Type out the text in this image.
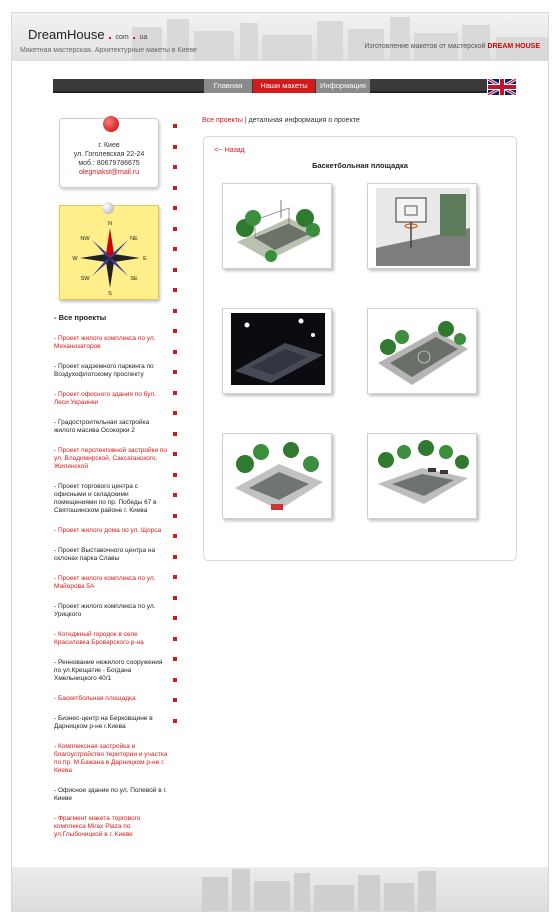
DreamHouse . com . ua
Макетная мастерская. Архитектурные макеты в Киеве
Изготовление макетов от мастерской DREAM HOUSE
Главная	Наши макеты	Информация
г. Киев
ул. Гоголевская 22-24
моб.: 80679786675
olegmakst@mail.ru
N
NE
E
SE
S
SW
W
NW
- Все проекты
- Проект жилого комплекса по ул. Механизаторов
- Проект надземного паркинга по Воздухофлотскому проспекту
- Проект офисного здания по бул. Леси Украинки
- Градостроительная застройка жилого масива Осокорки 2
- Проект перспективной застройки по ул. Владимирской, Саксаганского, Жилянской
- Проект торгового центра с офисными и складскими помещениями по пр. Победы 67 в Святошинском районе г. Киева
- Проект жилого дома по ул. Щорса
- Проект Выставочного центра на склонах парка Славы
- Проект жилого комплекса по ул. Майорова 5А
- Проект жилого комплекса по ул. Урицкого
- Котеджный городок в селе Красиловка Броварского р-на
- Реннование нежилого сооружения по ул.Крещатик - Богдана Хмельницкого 40/1
- Баскетбольная площадка
- Бизнес-центр на Берковщине в Дарницком р-не г.Киева
- Комплексная застройка и благоустройство територии и участка по пр. М.Бажана в Дарницком р-не г. Киева
- Офисное здание по ул. Полевой в г. Киеве
- Фрагмент макета торгового комплекса Mirax Plaza по ул.Глыбочицкой в г. Киеве
Все проекты | детальная информация о проекте
<-- Назад
Баскетбольная площадка
